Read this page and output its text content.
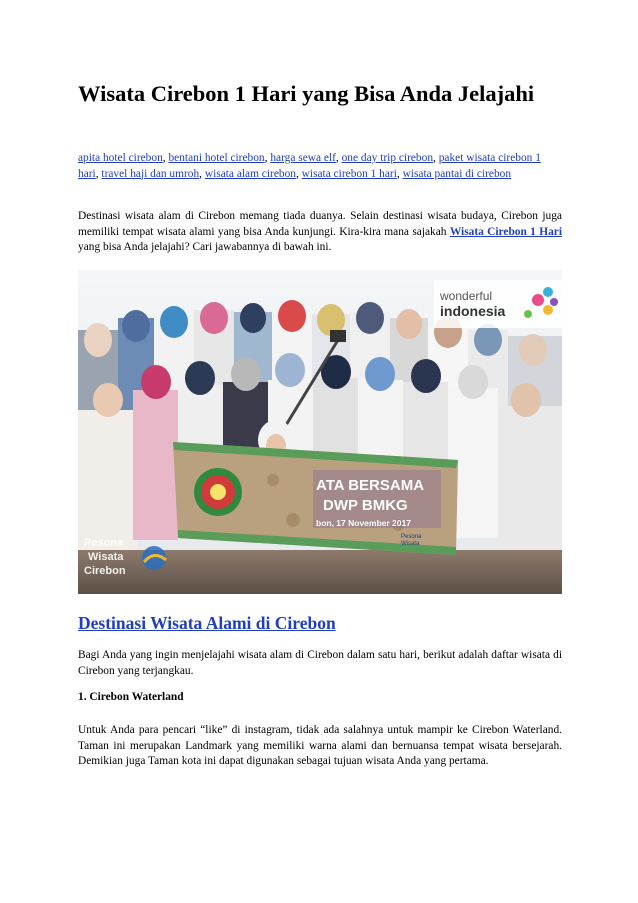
Wisata Cirebon 1 Hari yang Bisa Anda Jelajahi
apita hotel cirebon, bentani hotel cirebon, harga sewa elf, one day trip cirebon, paket wisata cirebon 1 hari, travel haji dan umroh, wisata alam cirebon, wisata cirebon 1 hari, wisata pantai di cirebon

Destinasi wisata alam di Cirebon memang tiada duanya. Selain destinasi wisata budaya, Cirebon juga memiliki tempat wisata alami yang bisa Anda kunjungi. Kira-kira mana sajakah Wisata Cirebon 1 Hari yang bisa Anda jelajahi? Cari jawabannya di bawah ini.

ATA BERSAMA
DWP BMKG
bon, 17 November 2017
Pesona
Wisata
wonderful
indonesia
Pesona
Wisata
Cirebon
Destinasi Wisata Alami di Cirebon

Bagi Anda yang ingin menjelajahi wisata alam di Cirebon dalam satu hari, berikut adalah daftar wisata di Cirebon yang terjangkau.

1. Cirebon Waterland

Untuk Anda para pencari “like” di instagram, tidak ada salahnya untuk mampir ke Cirebon Waterland. Taman ini merupakan Landmark yang memiliki warna alami dan bernuansa tempat wisata bersejarah. Demikian juga Taman kota ini dapat digunakan sebagai tujuan wisata Anda yang pertama.
